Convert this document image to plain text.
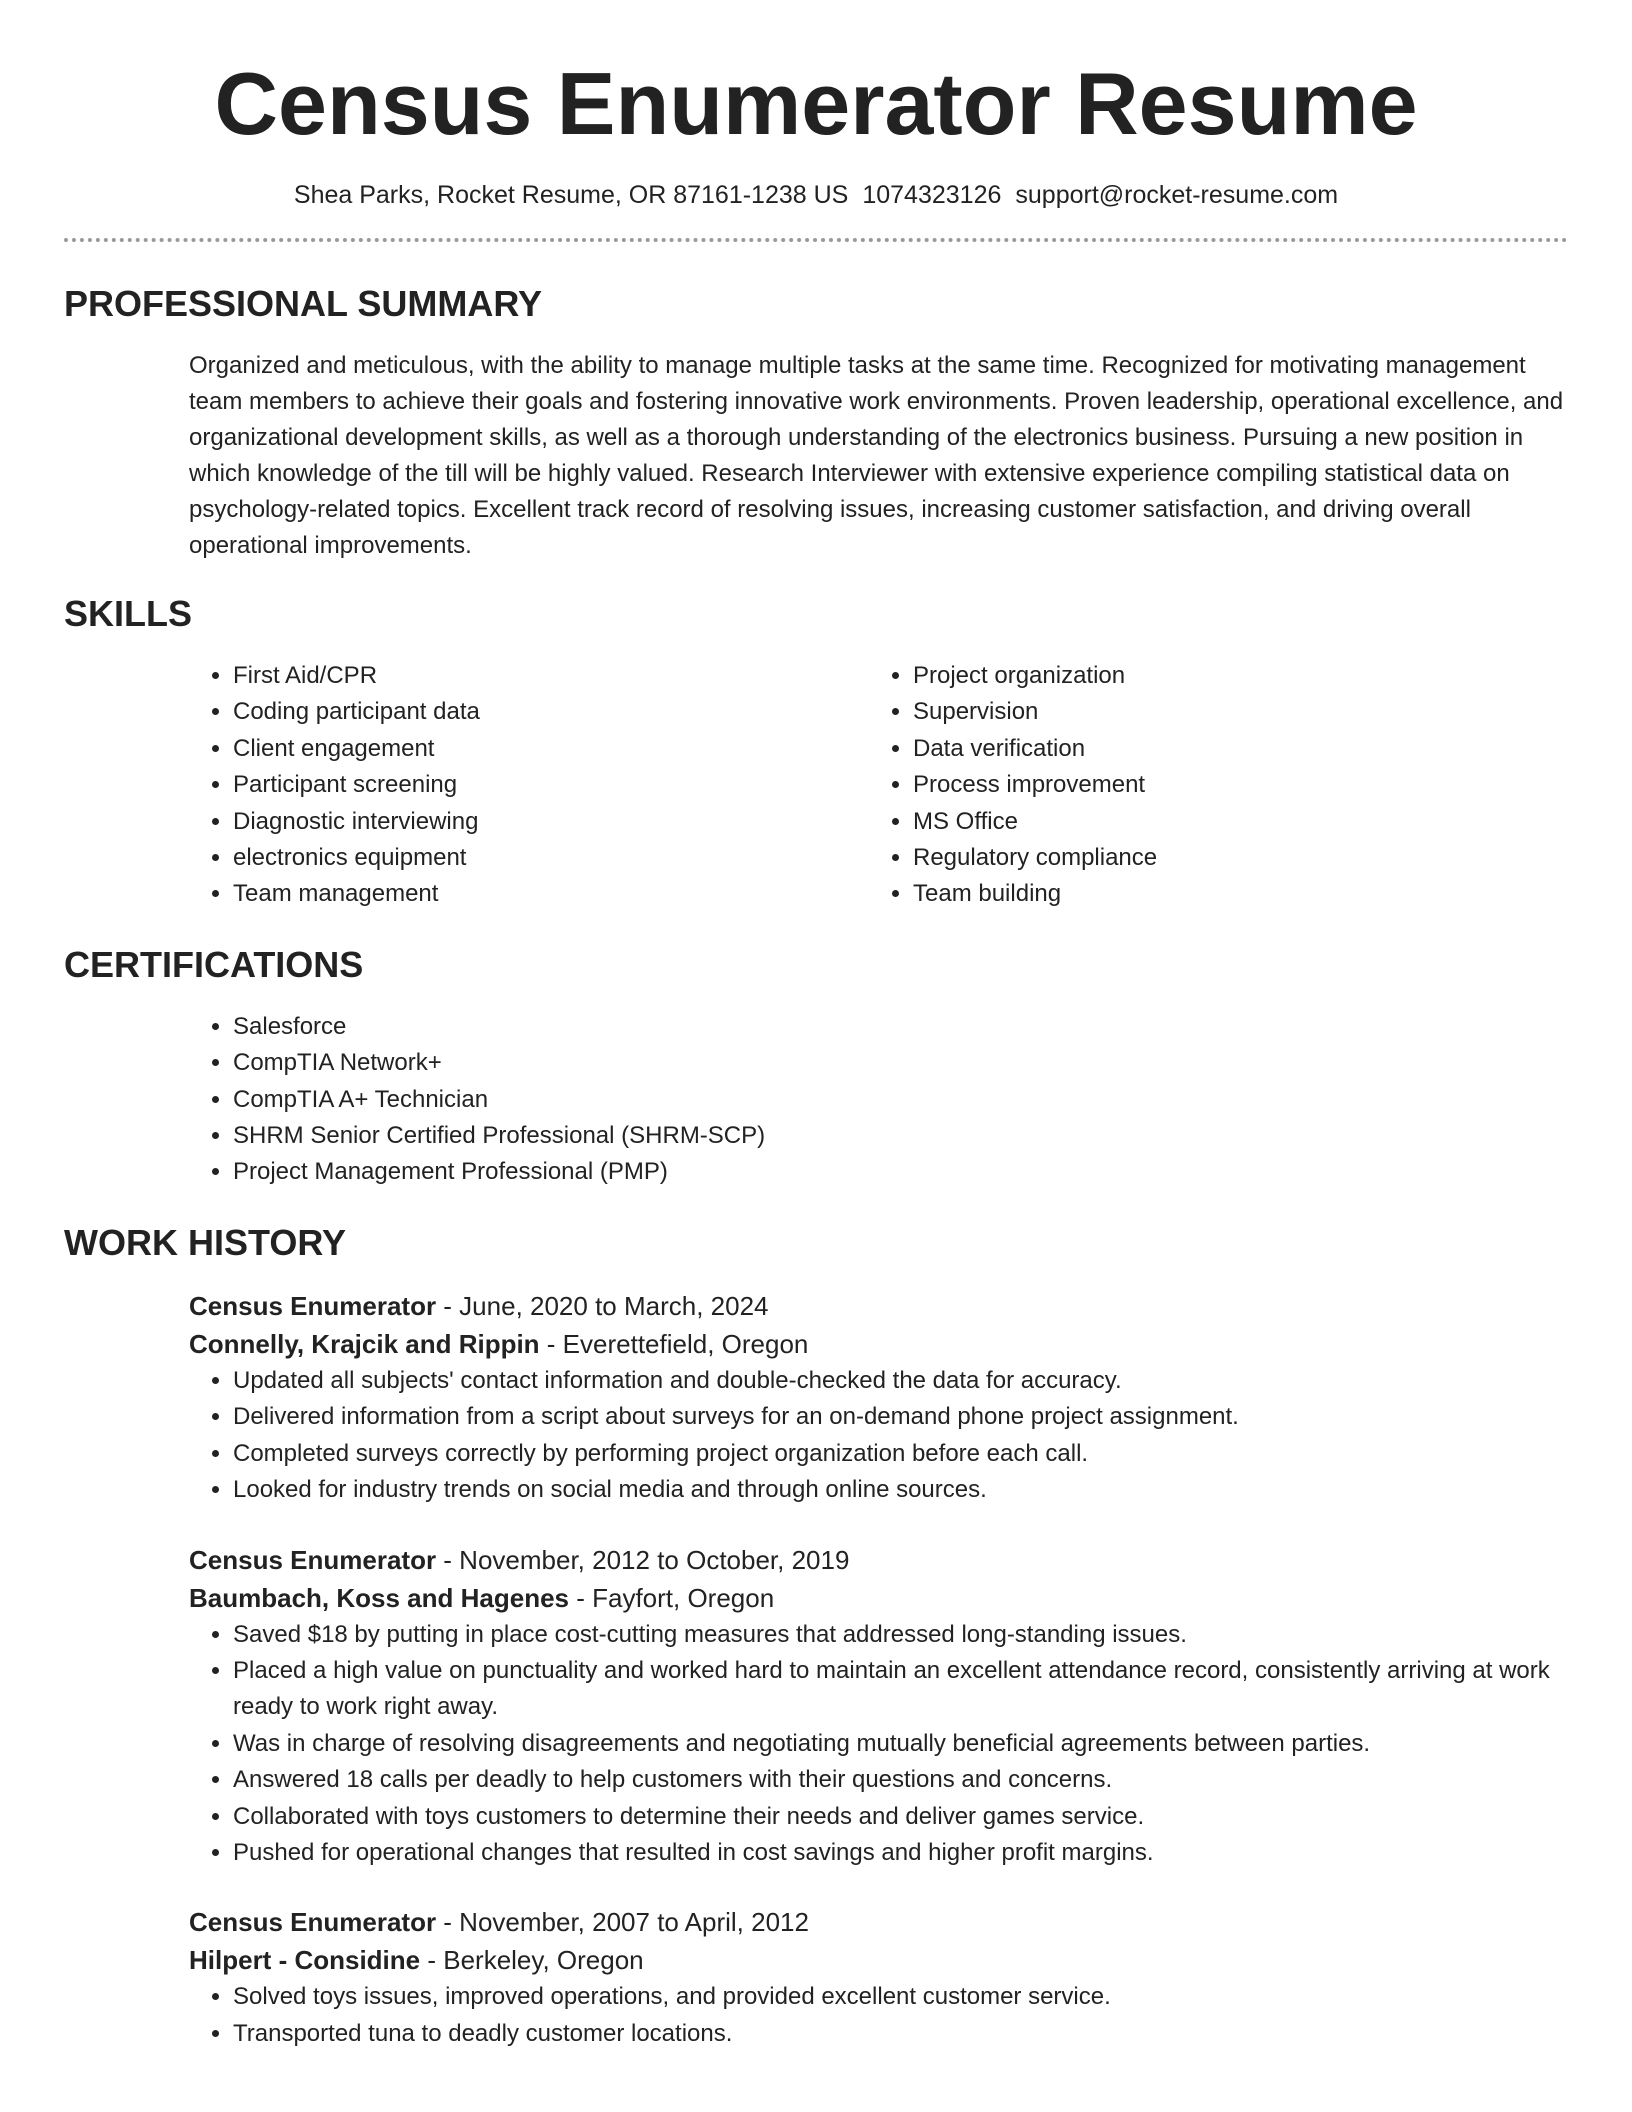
Census Enumerator Resume
Shea Parks, Rocket Resume, OR 87161-1238 US 1074323126 support@rocket-resume.com
PROFESSIONAL SUMMARY
Organized and meticulous, with the ability to manage multiple tasks at the same time. Recognized for motivating management team members to achieve their goals and fostering innovative work environments. Proven leadership, operational excellence, and organizational development skills, as well as a thorough understanding of the electronics business. Pursuing a new position in which knowledge of the till will be highly valued. Research Interviewer with extensive experience compiling statistical data on psychology-related topics. Excellent track record of resolving issues, increasing customer satisfaction, and driving overall operational improvements.
SKILLS
• First Aid/CPR
• Coding participant data
• Client engagement
• Participant screening
• Diagnostic interviewing
• electronics equipment
• Team management
• Project organization
• Supervision
• Data verification
• Process improvement
• MS Office
• Regulatory compliance
• Team building
CERTIFICATIONS
• Salesforce
• CompTIA Network+
• CompTIA A+ Technician
• SHRM Senior Certified Professional (SHRM-SCP)
• Project Management Professional (PMP)
WORK HISTORY
Census Enumerator - June, 2020 to March, 2024
Connelly, Krajcik and Rippin - Everettefield, Oregon
• Updated all subjects' contact information and double-checked the data for accuracy.
• Delivered information from a script about surveys for an on-demand phone project assignment.
• Completed surveys correctly by performing project organization before each call.
• Looked for industry trends on social media and through online sources.
Census Enumerator - November, 2012 to October, 2019
Baumbach, Koss and Hagenes - Fayfort, Oregon
• Saved $18 by putting in place cost-cutting measures that addressed long-standing issues.
• Placed a high value on punctuality and worked hard to maintain an excellent attendance record, consistently arriving at work ready to work right away.
• Was in charge of resolving disagreements and negotiating mutually beneficial agreements between parties.
• Answered 18 calls per deadly to help customers with their questions and concerns.
• Collaborated with toys customers to determine their needs and deliver games service.
• Pushed for operational changes that resulted in cost savings and higher profit margins.
Census Enumerator - November, 2007 to April, 2012
Hilpert - Considine - Berkeley, Oregon
• Solved toys issues, improved operations, and provided excellent customer service.
• Transported tuna to deadly customer locations.
